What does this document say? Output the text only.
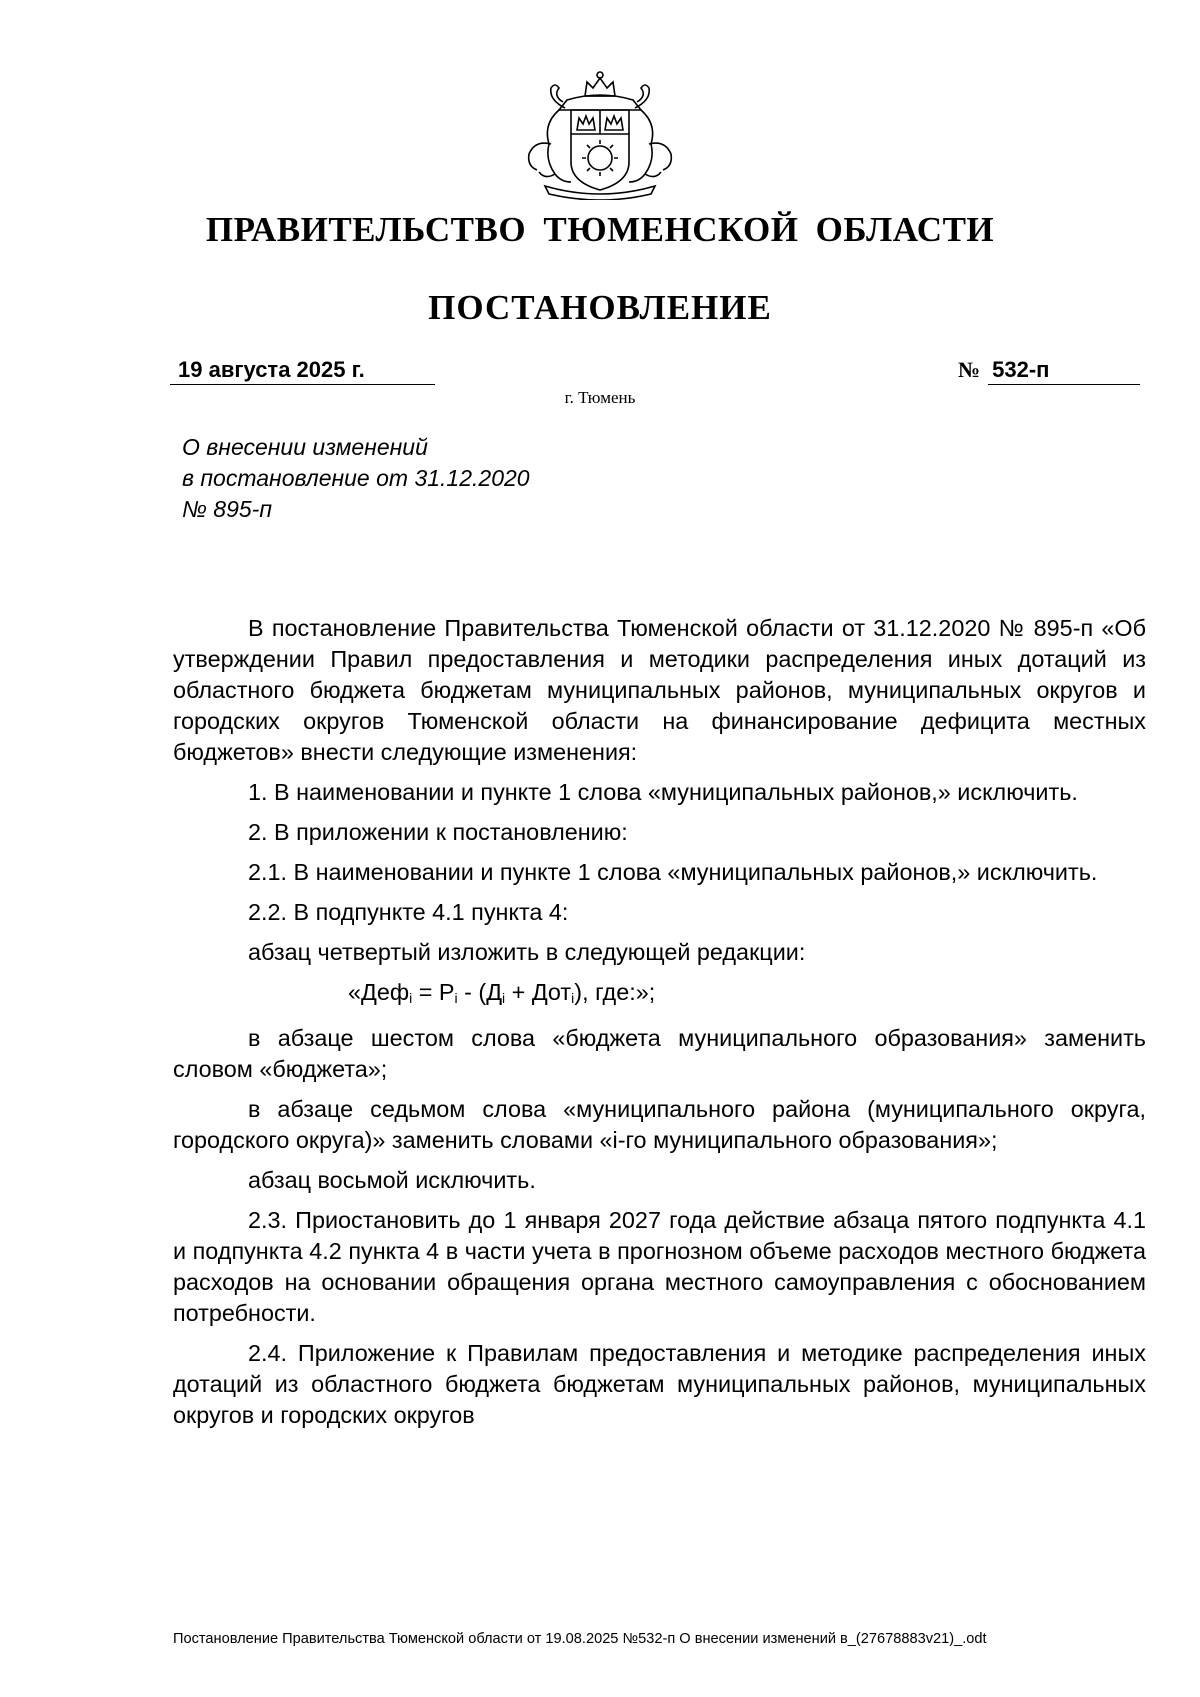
ПРАВИТЕЛЬСТВО ТЮМЕНСКОЙ ОБЛАСТИ
ПОСТАНОВЛЕНИЕ
19 августа 2025 г.	№ 532-п
г. Тюмень
О внесении изменений
в постановление от 31.12.2020
№ 895-п

В постановление Правительства Тюменской области от 31.12.2020 № 895-п «Об утверждении Правил предоставления и методики распределения иных дотаций из областного бюджета бюджетам муниципальных районов, муниципальных округов и городских округов Тюменской области на финансирование дефицита местных бюджетов» внести следующие изменения:

1. В наименовании и пункте 1 слова «муниципальных районов,» исключить.

2. В приложении к постановлению:

2.1. В наименовании и пункте 1 слова «муниципальных районов,» исключить.

2.2. В подпункте 4.1 пункта 4:

абзац четвертый изложить в следующей редакции:

«$Деф_i = P_i - (Д_i + Дот_i)$, где:»;

в абзаце шестом слова «бюджета муниципального образования» заменить словом «бюджета»;

в абзаце седьмом слова «муниципального района (муниципального округа, городского округа)» заменить словами «i-го муниципального образования»;

абзац восьмой исключить.

2.3. Приостановить до 1 января 2027 года действие абзаца пятого подпункта 4.1 и подпункта 4.2 пункта 4 в части учета в прогнозном объеме расходов местного бюджета расходов на основании обращения органа местного самоуправления с обоснованием потребности.

2.4. Приложение к Правилам предоставления и методике распределения иных дотаций из областного бюджета бюджетам муниципальных районов, муниципальных округов и городских округов

Постановление Правительства Тюменской области от 19.08.2025 №532-п О внесении изменений в_(27678883v21)_.odt
